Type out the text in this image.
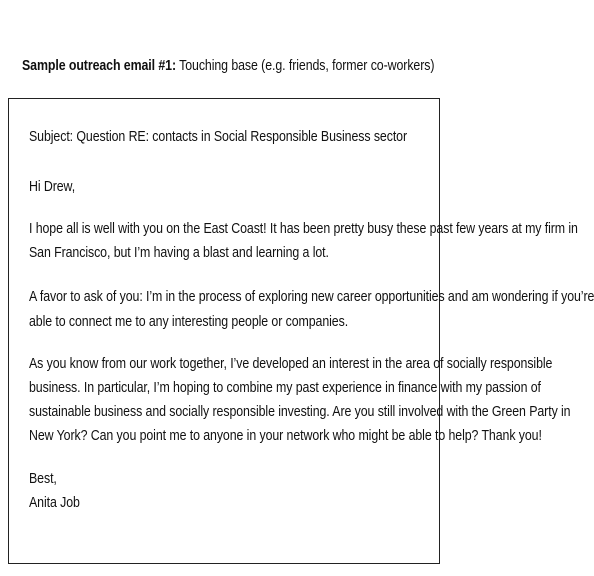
Sample outreach email #1: Touching base (e.g. friends, former co-workers)
Subject: Question RE: contacts in Social Responsible Business sector
Hi Drew,
I hope all is well with you on the East Coast! It has been pretty busy these past few years at my firm in
San Francisco, but I’m having a blast and learning a lot.
A favor to ask of you: I’m in the process of exploring new career opportunities and am wondering if you’re
able to connect me to any interesting people or companies.
As you know from our work together, I’ve developed an interest in the area of socially responsible
business. In particular, I’m hoping to combine my past experience in finance with my passion of
sustainable business and socially responsible investing. Are you still involved with the Green Party in
New York? Can you point me to anyone in your network who might be able to help? Thank you!
Best,
Anita Job
